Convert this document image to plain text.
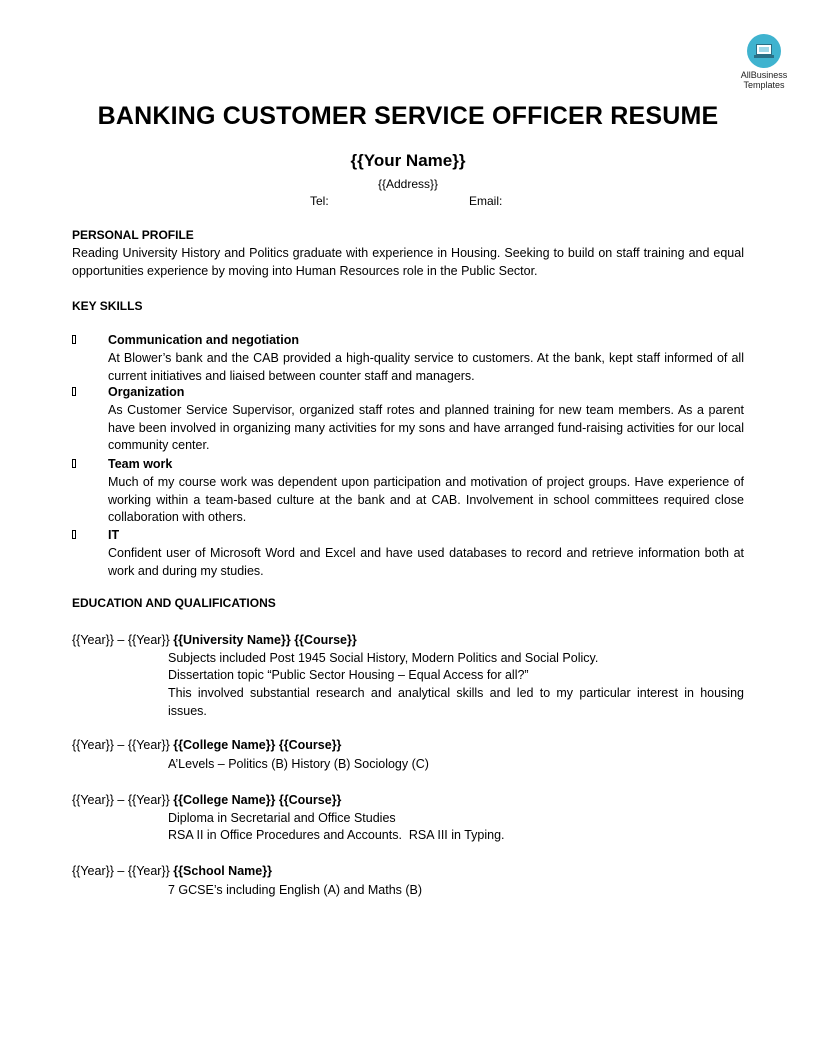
AllBusiness
Templates
BANKING CUSTOMER SERVICE OFFICER RESUME
{{Your Name}}
{{Address}}
Tel:	Email:
PERSONAL PROFILE
Reading University History and Politics graduate with experience in Housing. Seeking to build on staff training and equal opportunities experience by moving into Human Resources role in the Public Sector.
KEY SKILLS
Communication and negotiation
At Blower’s bank and the CAB provided a high-quality service to customers. At the bank, kept staff informed of all current initiatives and liaised between counter staff and managers.
Organization
As Customer Service Supervisor, organized staff rotes and planned training for new team members. As a parent have been involved in organizing many activities for my sons and have arranged fund-raising activities for our local community center.
Team work
Much of my course work was dependent upon participation and motivation of project groups. Have experience of working within a team-based culture at the bank and at CAB. Involvement in school committees required close collaboration with others.
IT
Confident user of Microsoft Word and Excel and have used databases to record and retrieve information both at work and during my studies.
EDUCATION AND QUALIFICATIONS
{{Year}} – {{Year}} {{University Name}} {{Course}}
Subjects included Post 1945 Social History, Modern Politics and Social Policy.
Dissertation topic “Public Sector Housing – Equal Access for all?”
This involved substantial research and analytical skills and led to my particular interest in housing issues.
{{Year}} – {{Year}} {{College Name}} {{Course}}
A’Levels – Politics (B) History (B) Sociology (C)
{{Year}} – {{Year}} {{College Name}} {{Course}}
Diploma in Secretarial and Office Studies
RSA II in Office Procedures and Accounts.  RSA III in Typing.
{{Year}} – {{Year}} {{School Name}}
7 GCSE’s including English (A) and Maths (B)
